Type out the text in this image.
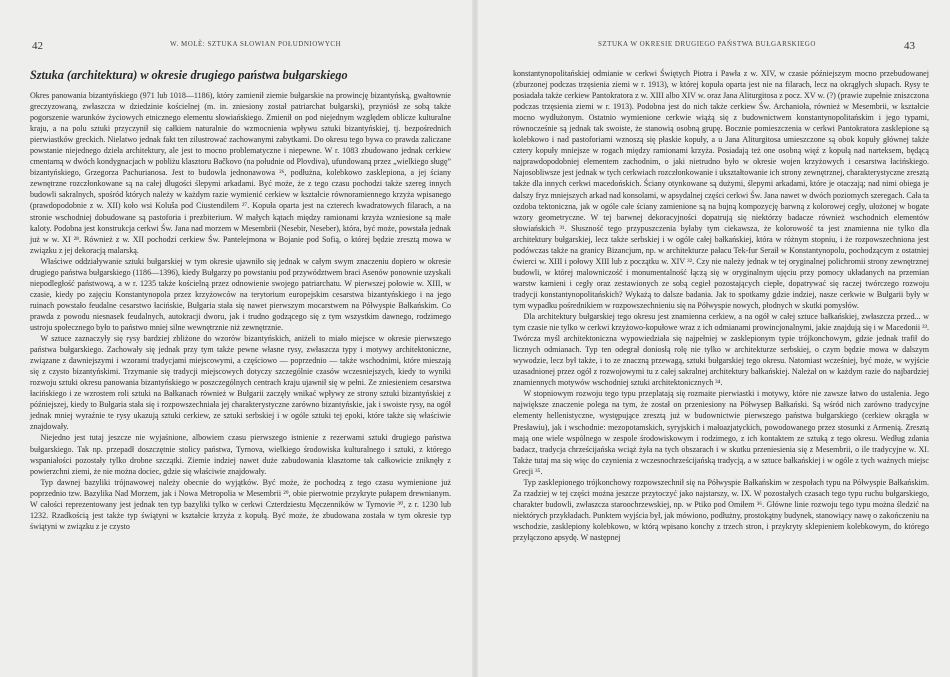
42	W. MOLÈ: SZTUKA SŁOWIAN POŁUDNIOWYCH
Sztuka (architektura) w okresie drugiego państwa bułgarskiego

Okres panowania bizantyńskiego (971 lub 1018—1186), który zamienił ziemie bułgarskie na prowincję bizantyńską, gwałtownie greczyzowaną, zwłaszcza w dziedzinie kościelnej (m. in. zniesiony został patriarchat bułgarski), przyniósł ze sobą także pogorszenie warunków życiowych etnicznego elementu słowiańskiego. Zmienił on pod niejednym względem oblicze kulturalne kraju, a na polu sztuki przyczynił się całkiem naturalnie do wzmocnienia wpływu sztuki bizantyńskiej, tj. bezpośrednich pierwiastków greckich. Nielatwo jednak fakt ten zilustrować zachowanymi zabytkami. Do okresu tego bywa co prawda zaliczane powstanie niejednego dzieła architektury, ale jest to mocno problematyczne i niepewne. W r. 1083 zbudowano jednak cerkiew cmentarną w dwóch kondygnacjach w pobliżu klasztoru Bačkovo (na południe od Plovdiva), ufundowaną przez „wielkiego sługę” bizantyńskiego, Grzegorza Pachurianosa. Jest to budowla jednonawowa ²⁶, podłużna, kolebkowo zasklepiona, a jej ściany zewnętrzne rozczłonkowane są na całej długości ślepymi arkadami. Być może, że z tego czasu pochodzi także szereg innych budowli sakralnych, spośród których należy w każdym razie wymienić cerkiew w kształcie równoramiennego krzyża wpisanego (prawdopodobnie z w. XII) koło wsi Koluša pod Ciustendilem ²⁷. Kopuła oparta jest na czterech kwadratowych filarach, a na stronie wschodniej dobudowane są pastoforia i prezbiterium. W małych kątach między ramionami krzyża wzniesione są małe kaloty. Podobna jest konstrukcja cerkwi Św. Jana nad morzem w Mesembrii (Nesebir, Neseber), która, być może, powstała jednak już w w. XI ²⁸. Również z w. XII pochodzi cerkiew Św. Pantelejmona w Bojanie pod Sofią, o której będzie zresztą mowa w związku z jej dekoracją malarską.

Właściwe oddziaływanie sztuki bułgarskiej w tym okresie ujawniło się jednak w całym swym znaczeniu dopiero w okresie drugiego państwa bułgarskiego (1186—1396), kiedy Bułgarzy po powstaniu pod przywództwem braci Asenów ponownie uzyskali niepodległość państwową, a w r. 1235 także kościelną przez odnowienie swojego patriarchatu. W pierwszej połowie w. XIII, w czasie, kiedy po zajęciu Konstantynopola przez krzyżowców na terytorium europejskim cesarstwa bizantyńskiego i na jego ruinach powstało feudalne cesarstwo łacińskie, Bułgaria stała się nawet pierwszym mocarstwem na Półwyspie Bałkańskim. Co prawda z powodu niesnasek feudalnych, autokracji dworu, jak i trudno godzącego się z tym wszystkim dawnego, rodzimego ustroju społecznego było to państwo mniej silne wewnętrznie niż zewnętrznie.

W sztuce zaznaczyły się rysy bardziej zbliżone do wzorów bizantyńskich, aniżeli to miało miejsce w okresie pierwszego państwa bułgarskiego. Zachowały się jednak przy tym także pewne własne rysy, zwłaszcza typy i motywy architektoniczne, związane z dawniejszymi i wzorami tradycjami miejscowymi, a częściowo — poprzednio — także wschodnimi, które mieszają się z czysto bizantyńskimi. Trzymanie się tradycji miejscowych dotyczy szczególnie czasów wczesniejszych, kiedy to wyniki rozwoju sztuki okresu panowania bizantyńskiego w poszczególnych centrach kraju ujawnił się w pełni. Ze zniesieniem cesarstwa łacińskiego i ze wzrostem roli sztuki na Bałkanach również w Bułgarii zaczęły wnikać wpływy ze strony sztuki bizantyńskiej z późniejszej, kiedy to Bułgaria stała się i rozpowszechniała jej charakterystyczne zarówno bizantyńskie, jak i swoiste rysy, na ogół jednak mniej wyraźnie te rysy ukazują sztuki cerkiew, ze sztuki serbskiej i w ogóle sztuki tej epoki, które także się właściwie znajdowały.

Niejedno jest tutaj jeszcze nie wyjaśnione, albowiem czasu pierwszego istnienie z rezerwami sztuki drugiego państwa bułgarskiego. Tak np. przepadł doszczętnie stolicy państwa, Tyrnova, wielkiego środowiska kulturalnego i sztuki, z którego wspaniałości pozostały tylko drobne szczątki. Ziemie indziej nawet duże zabudowania klasztorne tak całkowicie zniknęły z powierzchni ziemi, że nie można dociec, gdzie się właściwie znajdowały.

Typ dawnej bazyliki trójnawowej należy obecnie do wyjątków. Być może, że pochodzą z tego czasu wymienione już poprzednio tzw. Bazylika Nad Morzem, jak i Nowa Metropolia w Mesembrii ²⁹, obie pierwotnie przykryte pułapem drewnianym. W całości reprezentowany jest jednak ten typ bazyliki tylko w cerkwi Czterdziestu Męczenników w Tyrnovie ³⁰, z r. 1230 lub 1232. Rzadkością jest także typ świątyni w kształcie krzyża z kopułą. Być może, że zbudowana została w tym okresie typ świątyni w związku z je czysto

SZTUKA W OKRESIE DRUGIEGO PAŃSTWA BUŁGARSKIEGO	43

konstantynopolitańskiej odmianie w cerkwi Świętych Piotra i Pawła z w. XIV, w czasie późniejszym mocno przebudowanej (zburzonej podczas trzęsienia ziemi w r. 1913), w której kopuła oparta jest nie na filarach, lecz na okrągłych słupach. Rysy te posiadała także cerkiew Pantokratora z w. XIII albo XIV w. oraz Jana Aliturgitosa z pocz. XV w. (?) (prawie zupełnie zniszczona podczas trzęsienia ziemi w r. 1913). Podobna jest do nich także cerkiew Św. Archanioła, również w Mesembrii, w kształcie mocno wydłużonym. Ostatnio wymienione cerkwie wiążą się z budownictwem konstantynopolitańskim i jego typami, równocześnie są jednak tak swoiste, że stanowią osobną grupę. Bocznie pomieszczenia w cerkwi Pantokratora zasklepione są kolebkowo i nad pastoforiami wznoszą się płaskie kopuły, a u Jana Aliturgitosa umieszczone są obok kopuły głównej także cztery kopuły mniejsze w rogach między ramionami krzyża. Posiadają też one osobną więź z kopułą nad narteksem, będącą najprawdopodobniej elementem zachodnim, o jaki nietrudno było w okresie wojen krzyżowych i cesarstwa łacińskiego. Najosobliwsze jest jednak w tych cerkwiach rozczłonkowanie i ukształtowanie ich strony zewnętrznej, charakterystyczne zresztą także dla innych cerkwi macedońskich. Ściany otynkowane są dużymi, ślepymi arkadami, które je otaczają; nad nimi obiega je dalszy fryz mniejszych arkad nad konsolami, w apsydalnej części cerkwi Św. Jana nawet w dwóch poziomych szeregach. Cała ta ozdoba tektoniczna, jak w ogóle całe ściany zamienione są na bujną kompozycję barwną z kolorowej cegły, ułożonej w bogate wzory geometryczne. W tej barwnej dekoracyjności dopatrują się niektórzy badacze również wschodnich elementów słowiańskich ³¹. Słuszność tego przypuszczenia byłaby tym ciekawsza, że kolorowość ta jest znamienna nie tylko dla architektury bułgarskiej, lecz także serbskiej i w ogóle całej bałkańskiej, która w różnym stopniu, i że rozpowszechniona jest podówczas także na granicy Bizancjum, np. w architekturze pałacu Tek-fur Seraił w Konstantynopolu, pochodzącym z ostatniej ćwierci w. XIII i połowy XIII lub z początku w. XIV ³². Czy nie należy jednak w tej oryginalnej polichromii strony zewnętrznej budowli, w której malowniczość i monumentalność łączą się w oryginalnym ujęciu przy pomocy układanych na przemian warstw kamieni i cegły oraz zestawionych ze sobą cegieł pozostających ciepłe, dopatrywać się raczej twórczego rozwoju tradycji konstantynopolitańskich? Wykażą to dalsze badania. Jak to spotkamy gdzie indziej, nasze cerkwie w Bułgarii były w tym wypadku pośrednikiem w rozpowszechnieniu się na Półwyspie nowych, płodnych w skutki pomysłów.

Dla architektury bułgarskiej tego okresu jest znamienna cerkiew, a na ogół w całej sztuce bałkańskiej, zwłaszcza przed... w tym czasie nie tylko w cerkwi krzyżowo-kopułowe wraz z ich odmianami prowincjonalnymi, jakie znajdują się i w Macedonii ³³. Twórcza myśl architektoniczna wypowiedziała się najpełniej w zasklepionym typie trójkonchowym, gdzie jednak trafił do licznych odmianach. Typ ten odegrał doniosłą rolę nie tylko w architekturze serbskiej, o czym będzie mowa w dalszym wywodzie, lecz był także, i to ze znaczną przewagą, sztuki bułgarskiej tego okresu. Natomiast wcześniej, być może, w wyjście uzasadnionej przez ogół z rozwojowymi tu z całej sakralnej architektury bałkańskiej. Należał on w każdym razie do najbardziej znamiennych motywów wschodniej sztuki architektonicznych ³⁴.

W stopniowym rozwoju tego typu przeplatają się rozmaite pierwiastki i motywy, które nie zawsze łatwo do ustalenia. Jego największe znaczenie polega na tym, że został on przeniesiony na Półwysep Bałkański. Są wśród nich zarówno tradycyjne elementy hellenistyczne, występujące zresztą już w budownictwie pierwszego państwa bułgarskiego (cerkiew okrągła w Presławiu), jak i wschodnie: mezopotamskich, syryjskich i małoazjatyckich, powodowanego przez stosunki z Armenią. Zresztą mają one wiele wspólnego w zespole środowiskowym i rodzimego, z ich kontaktem ze sztuką z tego okresu. Według zdania badacz, tradycja chrześcijańska wciąż żyła na tych obszarach i w skutku przeniesienia się z Mesembrii, o ile tradycyjne w. XI. Także tutaj ma się więc do czynienia z wczesnochrześcijańską tradycją, a w sztuce bałkańskiej i w ogóle z tych ważnych miejsc Grecji ³⁵.

Typ zasklepionego trójkonchowy rozpowszechnił się na Półwyspie Bałkańskim w zespołach typu na Półwyspie Bałkańskim. Za rzadziej w tej części można jeszcze przytoczyć jako najstarszy, w. IX. W pozostałych czasach tego typu ruchu bułgarskiego, charakter budowli, zwłaszcza staroochrzewskiej, np. w Ptiko pod Omiłem ³⁶. Główne linie rozwoju tego typu można śledzić na niektórych przykładach. Punktem wyjścia był, jak mówiono, podłużny, prostokątny budynek, stanowiący nawę o zakończeniu na wschodzie, zasklepiony kolebkowo, w którą wpisano konchy z trzech stron, i przykryty sklepieniem kolebkowym, do którego przyłączono apsydę. W następnej
